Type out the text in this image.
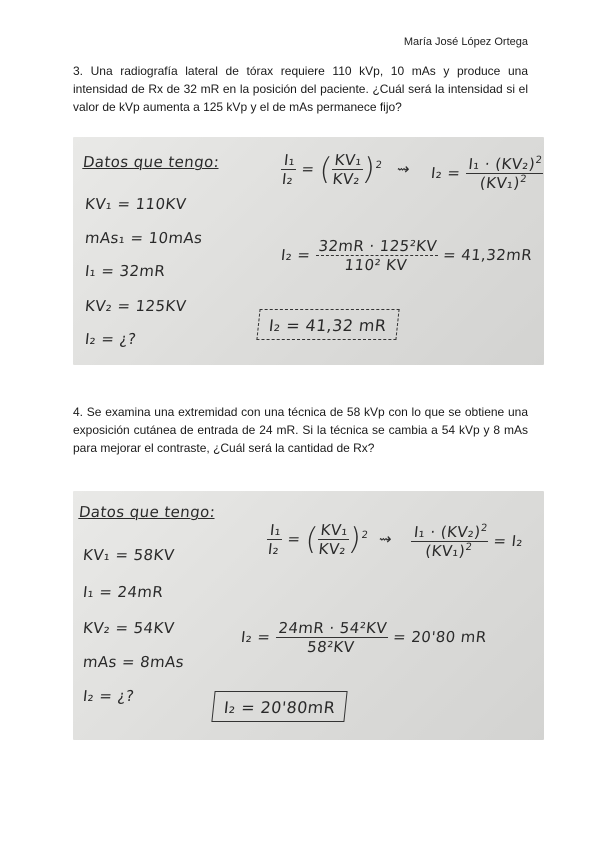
María José López Ortega

3. Una radiografía lateral de tórax requiere 110 kVp, 10 mAs y produce una intensidad de Rx de 32 mR en la posición del paciente. ¿Cuál será la intensidad si el valor de kVp aumenta a 125 kVp y el de mAs permanece fijo?

Datos que tengo:
KV₁ = 110KV
mAs₁ = 10mAs
I₁ = 32mR
KV₂ = 125KV
I₂ = ¿?
$\frac{\text{I₁}}{\text{I₂}}$ = (
$\frac{\text{KV₁}}{\text{KV₂}}$
)$^2$ ⇝ $I_2 = \frac{I_1 \cdot (KV_2)^2}{(KV_1)^2}$
$I_2 = \frac{\text{32mR · 125²KV}}{\text{110² KV}} = 41,32mR$
I₂ = 41,32 mR

4. Se examina una extremidad con una técnica de 58 kVp con lo que se obtiene una exposición cutánea de entrada de 24 mR. Si la técnica se cambia a 54 kVp y 8 mAs para mejorar el contraste, ¿Cuál será la cantidad de Rx?

Datos que tengo:
KV₁ = 58KV
I₁ = 24mR
KV₂ = 54KV
mAs = 8mAs
I₂ = ¿?
$\frac{\text{I₁}}{\text{I₂}}$ = (
$\frac{\text{KV₁}}{\text{KV₂}}$
)$^2$ ⇝ $\frac{I_1 \cdot (KV_2)^2}{(KV_1)^2} = I_2$
$I_2 = \frac{\text{24mR · 54²KV}}{\text{58²KV}} = 20'80$ mR
I₂ = 20'80mR
